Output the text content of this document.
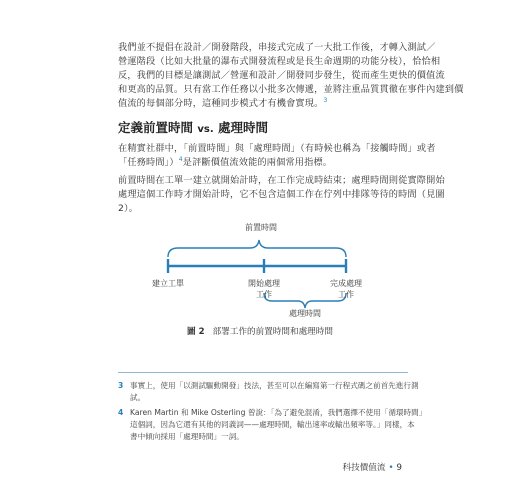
我們並不提倡在設計／開發階段，串接式完成了一大批工作後，才轉入測試／
營運階段（比如大批量的瀑布式開發流程或是長生命週期的功能分枝），恰恰相
反，我們的目標是讓測試／營運和設計／開發同步發生，從而產生更快的價值流
和更高的品質。只有當工作任務以小批多次傳遞，並將注重品質貫徹在事件內建到價
值流的每個部分時，這種同步模式才有機會實現。$^3$
定義前置時間 vs. 處理時間
在精實社群中，「前置時間」與「處理時間」（有時候也稱為「接觸時間」或者
「任務時間」）$^4$是評斷價值流效能的兩個常用指標。
前置時間在工單一建立就開始計時，在工作完成時結束；處理時間則從實際開始
處理這個工作時才開始計時，它不包含這個工作在佇列中排隊等待的時間（見圖
2）。
前置時間
建立工單	開始處理
工作
完成處理
工作
處理時間
圖 2 部署工作的前置時間和處理時間
3 事實上，使用「以測試驅動開發」技法，甚至可以在編寫第一行程式碼之前首先進行測
試。
4 Karen Martin 和 Mike Osterling 曾說：「為了避免混淆，我們選擇不使用「循環時間」
這個詞，因為它還有其他的同義詞——處理時間，輸出速率或輸出頻率等。」同樣，本
書中傾向採用「處理時間」一詞。
科技價值流 • 9
